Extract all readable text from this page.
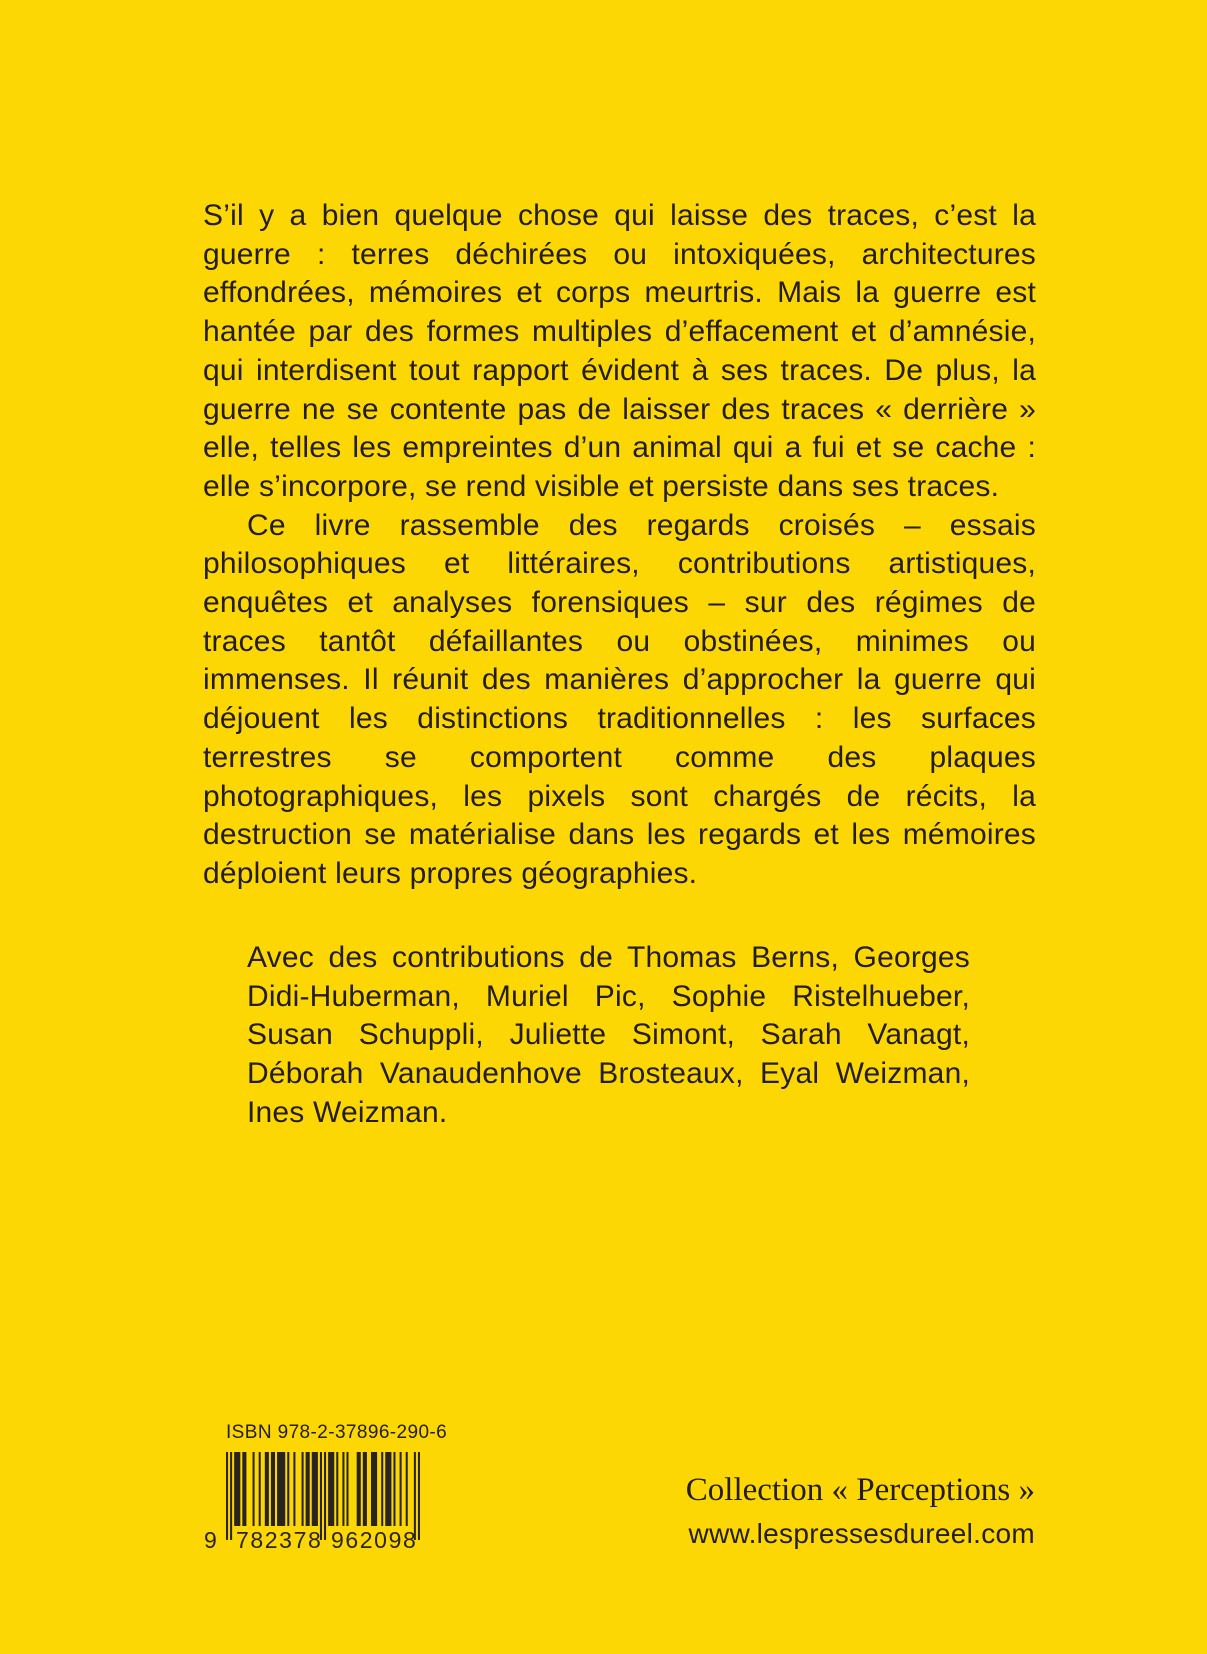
S’il y a bien quelque chose qui laisse des traces, c’est la guerre : terres déchirées ou intoxiquées, architectures effondrées, mémoires et corps meurtris. Mais la guerre est hantée par des formes multiples d’effacement et d’amnésie, qui interdisent tout rapport évident à ses traces. De plus, la guerre ne se contente pas de laisser des traces « derrière » elle, telles les empreintes d’un animal qui a fui et se cache : elle s’incorpore, se rend visible et persiste dans ses traces.

Ce livre rassemble des regards croisés – essais philosophiques et littéraires, contributions artistiques, enquêtes et analyses forensiques – sur des régimes de traces tantôt défaillantes ou obstinées, minimes ou immenses. Il réunit des manières d’approcher la guerre qui déjouent les distinctions traditionnelles : les surfaces terrestres se comportent comme des plaques photographiques, les pixels sont chargés de récits, la destruction se matérialise dans les regards et les mémoires déploient leurs propres géographies.

Avec des contributions de Thomas Berns, Georges Didi-Huberman, Muriel Pic, Sophie Ristelhueber, Susan Schuppli, Juliette Simont, Sarah Vanagt, Déborah Vanaudenhove Brosteaux, Eyal Weizman, Ines Weizman.

ISBN 978-2-37896-290-6
9 782378 962098
Collection « Perceptions »
www.lespressesdureel.com
